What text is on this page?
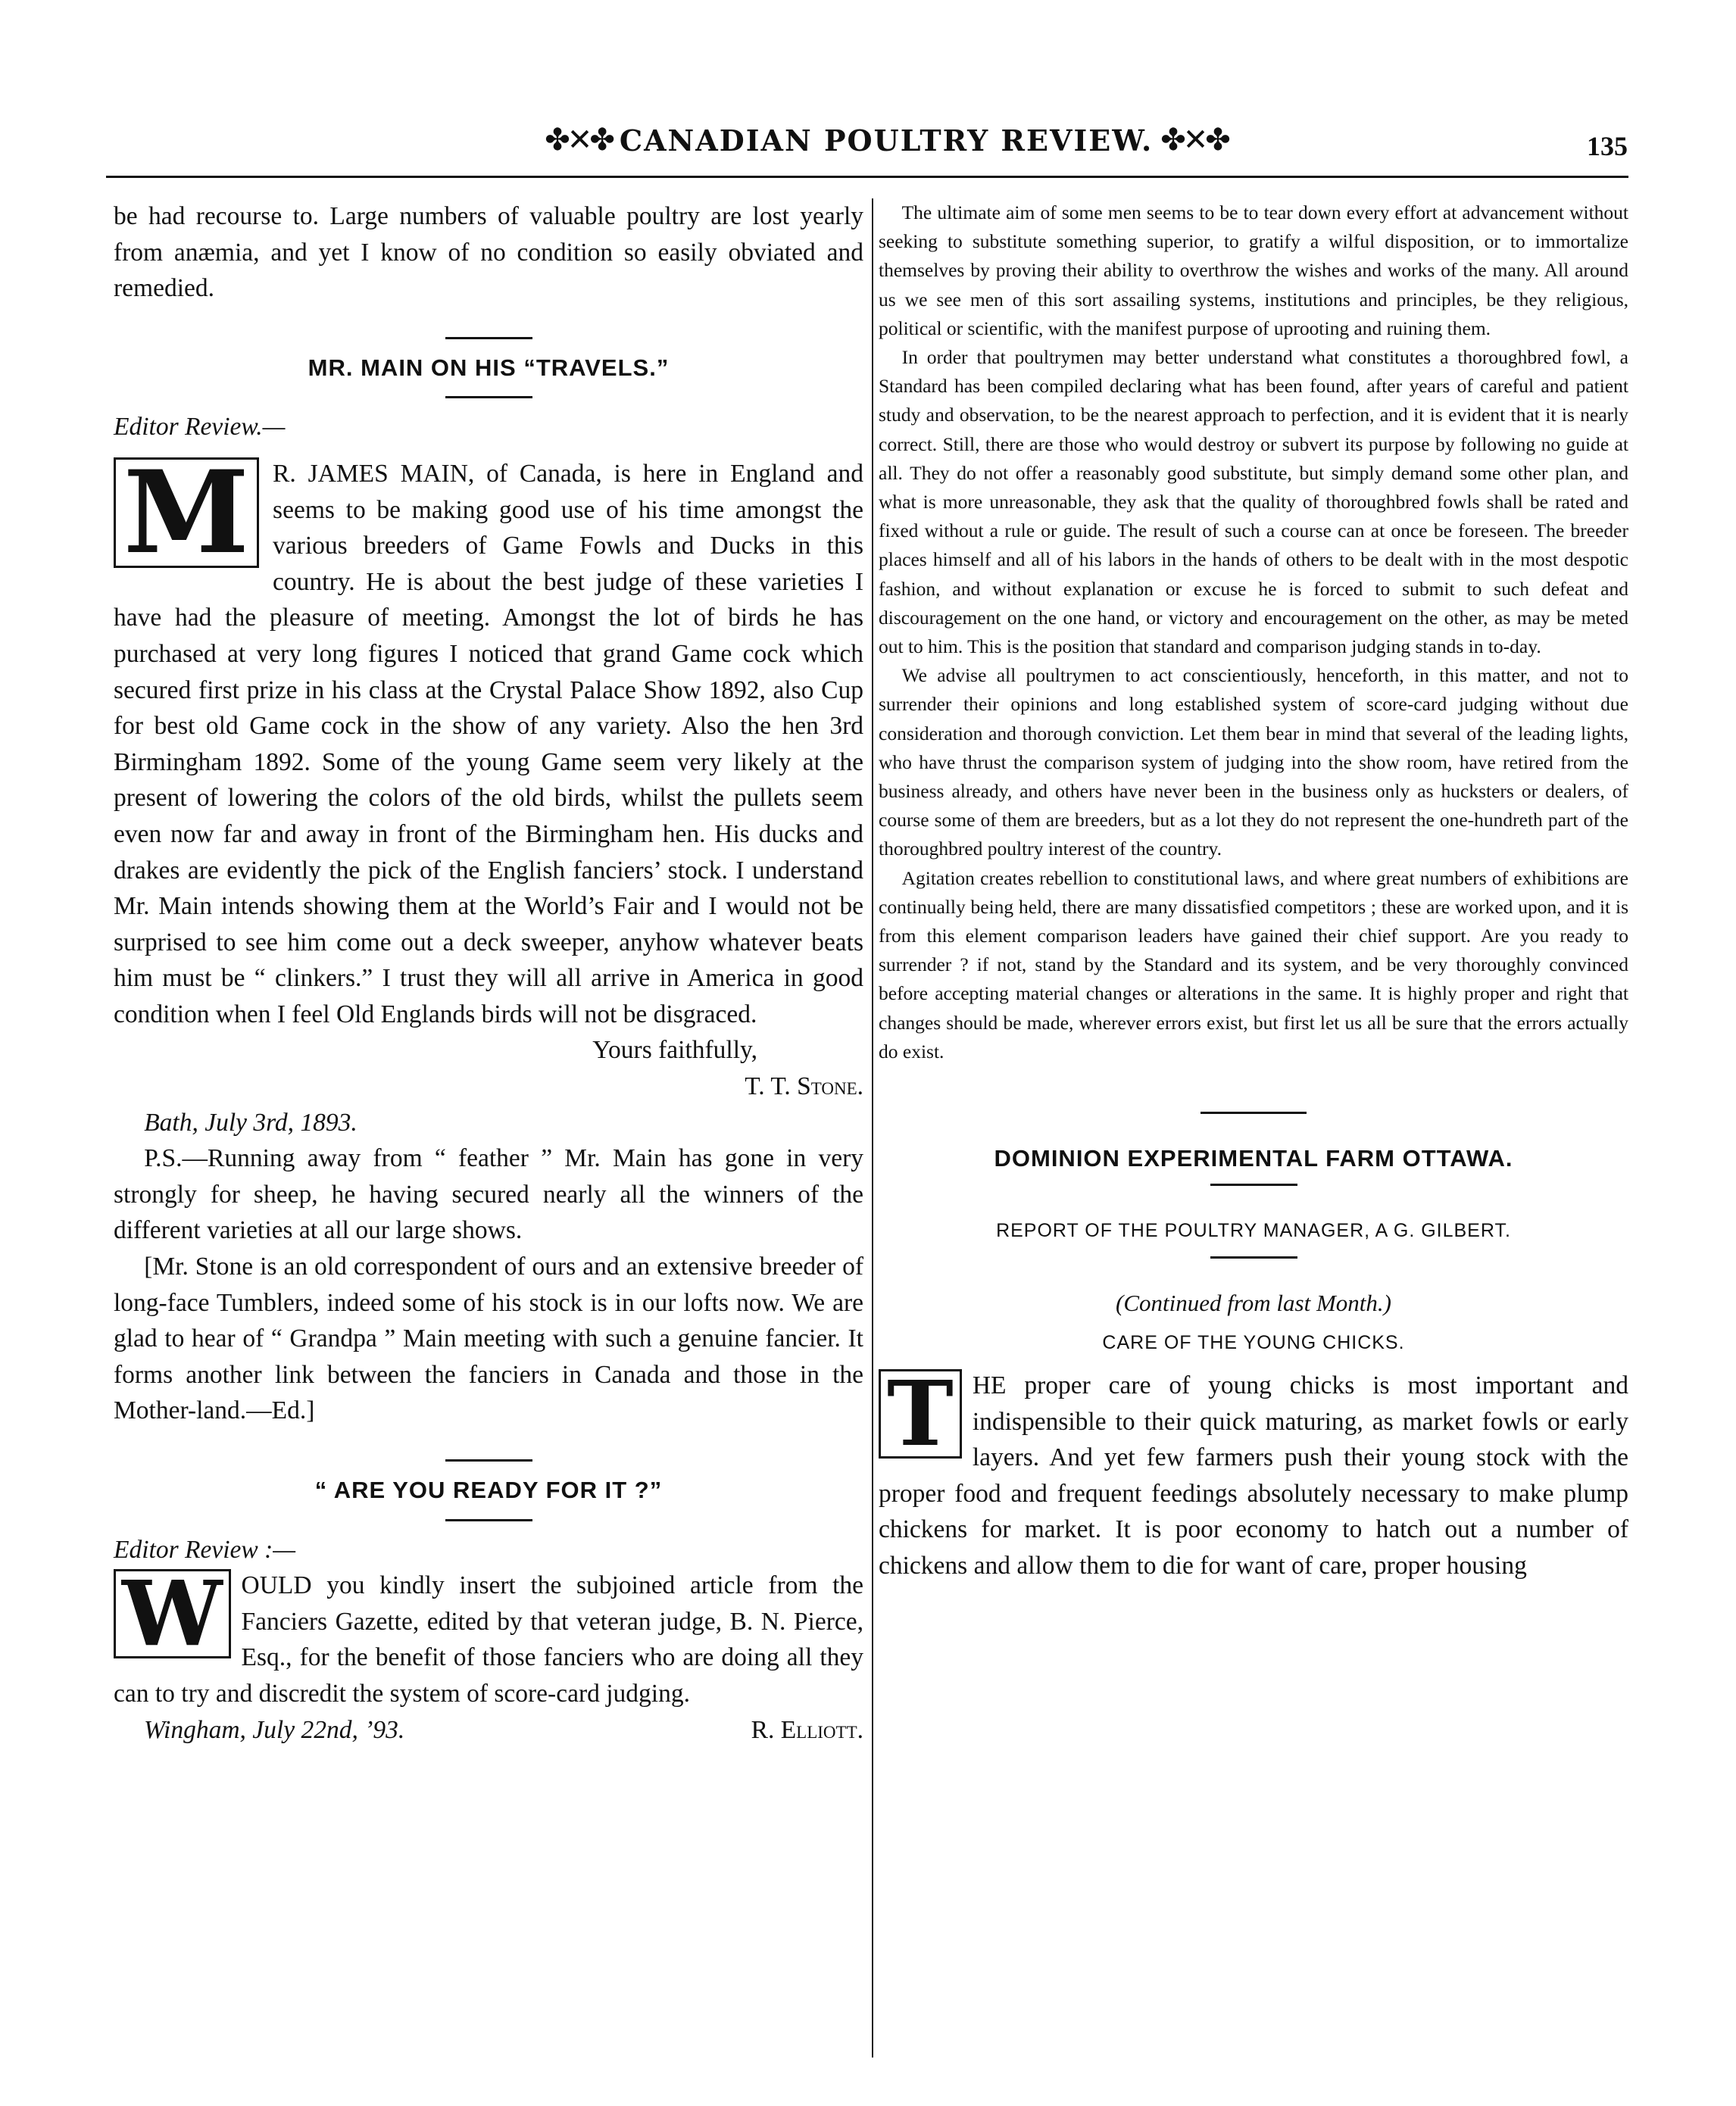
✤✕✤ CANADIAN POULTRY REVIEW. ✤✕✤	135

be had recourse to. Large numbers of valuable poultry are lost yearly from anæmia, and yet I know of no condition so easily obviated and remedied.

MR. MAIN ON HIS “TRAVELS.”

Editor Review.—

M R. JAMES MAIN, of Canada, is here in England and seems to be making good use of his time amongst the various breeders of Game Fowls and Ducks in this country. He is about the best judge of these varieties I have had the pleasure of meeting. Amongst the lot of birds he has purchased at very long figures I noticed that grand Game cock which secured first prize in his class at the Crystal Palace Show 1892, also Cup for best old Game cock in the show of any variety. Also the hen 3rd Birmingham 1892. Some of the young Game seem very likely at the present of lowering the colors of the old birds, whilst the pullets seem even now far and away in front of the Birmingham hen. His ducks and drakes are evidently the pick of the English fanciers’ stock. I understand Mr. Main intends showing them at the World’s Fair and I would not be surprised to see him come out a deck sweeper, anyhow whatever beats him must be “ clinkers.” I trust they will all arrive in America in good condition when I feel Old Englands birds will not be disgraced.

Yours faithfully,

T. T. Stone.

Bath, July 3rd, 1893.

P.S.—Running away from “ feather ” Mr. Main has gone in very strongly for sheep, he having secured nearly all the winners of the different varieties at all our large shows.

[Mr. Stone is an old correspondent of ours and an extensive breeder of long-face Tumblers, indeed some of his stock is in our lofts now. We are glad to hear of “ Grandpa ” Main meeting with such a genuine fancier. It forms another link between the fanciers in Canada and those in the Mother-land.—Ed.]

“ ARE YOU READY FOR IT ?”

Editor Review :—

W OULD you kindly insert the subjoined article from the Fanciers Gazette, edited by that veteran judge, B. N. Pierce, Esq., for the benefit of those fanciers who are doing all they can to try and discredit the system of score-card judging.

Wingham, July 22nd, ’93.	R. Elliott.

The ultimate aim of some men seems to be to tear down every effort at advancement without seeking to substitute something superior, to gratify a wilful disposition, or to immortalize themselves by proving their ability to overthrow the wishes and works of the many. All around us we see men of this sort assailing systems, institutions and principles, be they religious, political or scientific, with the manifest purpose of uprooting and ruining them.

In order that poultrymen may better understand what constitutes a thoroughbred fowl, a Standard has been compiled declaring what has been found, after years of careful and patient study and observation, to be the nearest approach to perfection, and it is evident that it is nearly correct. Still, there are those who would destroy or subvert its purpose by following no guide at all. They do not offer a reasonably good substitute, but simply demand some other plan, and what is more unreasonable, they ask that the quality of thoroughbred fowls shall be rated and fixed without a rule or guide. The result of such a course can at once be foreseen. The breeder places himself and all of his labors in the hands of others to be dealt with in the most despotic fashion, and without explanation or excuse he is forced to submit to such defeat and discouragement on the one hand, or victory and encouragement on the other, as may be meted out to him. This is the position that standard and comparison judging stands in to-day.

We advise all poultrymen to act conscientiously, henceforth, in this matter, and not to surrender their opinions and long established system of score-card judging without due consideration and thorough conviction. Let them bear in mind that several of the leading lights, who have thrust the comparison system of judging into the show room, have retired from the business already, and others have never been in the business only as hucksters or dealers, of course some of them are breeders, but as a lot they do not represent the one-hundreth part of the thoroughbred poultry interest of the country.

Agitation creates rebellion to constitutional laws, and where great numbers of exhibitions are continually being held, there are many dissatisfied competitors ; these are worked upon, and it is from this element comparison leaders have gained their chief support. Are you ready to surrender ? if not, stand by the Standard and its system, and be very thoroughly convinced before accepting material changes or alterations in the same. It is highly proper and right that changes should be made, wherever errors exist, but first let us all be sure that the errors actually do exist.

DOMINION EXPERIMENTAL FARM OTTAWA.
REPORT OF THE POULTRY MANAGER, A G. GILBERT.
(Continued from last Month.)
CARE OF THE YOUNG CHICKS.

T HE proper care of young chicks is most important and indispensible to their quick maturing, as market fowls or early layers. And yet few farmers push their young stock with the proper food and frequent feedings absolutely necessary to make plump chickens for market. It is poor economy to hatch out a number of chickens and allow them to die for want of care, proper housing
